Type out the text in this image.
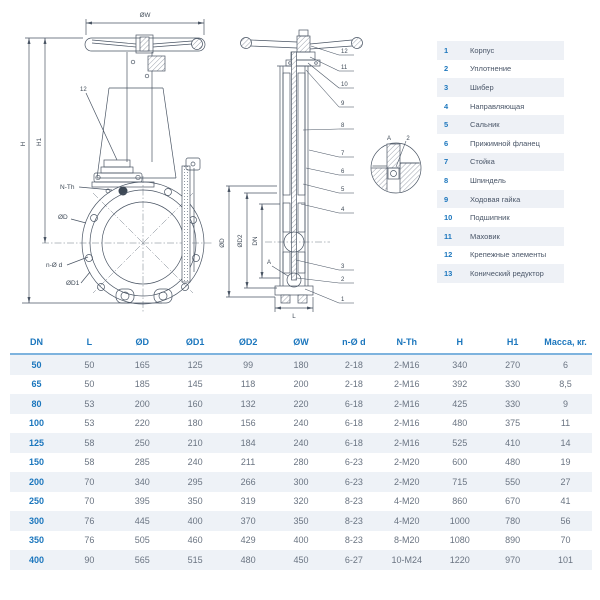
ØW
H H1
12
N-Th
ØD
n-Ø d
ØD1
ØD ØD2 DN
L
A
12
11
10
9
8
7
6
5
4
3
2
1
A	2
1	Корпус
2	Уплотнение
3	Шибер
4	Направляющая
5	Сальник
6	Прижимной фланец
7	Стойка
8	Шпиндель
9	Ходовая гайка
10	Подшипник
11	Маховик
12	Крепежные элементы
13	Конический редуктор
DN	L	ØD	ØD1	ØD2	ØW	n-Ø d	N-Th	H	H1	Масса, кг.
50	50	165	125	99	180	2-18	2-M16	340	270	6
65	50	185	145	118	200	2-18	2-M16	392	330	8,5
80	53	200	160	132	220	6-18	2-M16	425	330	9
100	53	220	180	156	240	6-18	2-M16	480	375	11
125	58	250	210	184	240	6-18	2-M16	525	410	14
150	58	285	240	211	280	6-23	2-M20	600	480	19
200	70	340	295	266	300	6-23	2-M20	715	550	27
250	70	395	350	319	320	8-23	4-M20	860	670	41
300	76	445	400	370	350	8-23	4-M20	1000	780	56
350	76	505	460	429	400	8-23	8-M20	1080	890	70
400	90	565	515	480	450	6-27	10-M24	1220	970	101
